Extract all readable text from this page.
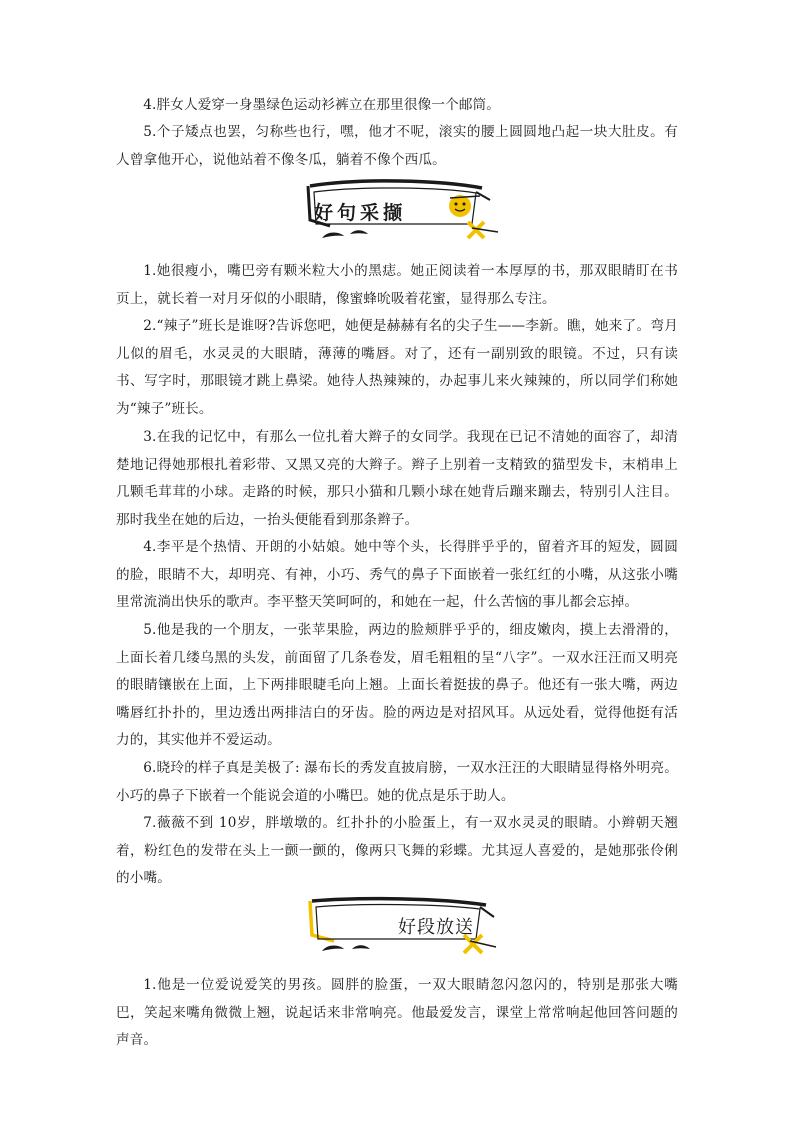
4.胖女人爱穿一身墨绿色运动衫裤立在那里很像一个邮筒。

5.个子矮点也罢，匀称些也行，嘿，他才不呢，滚实的腰上圆圆地凸起一块大肚皮。有人曾拿他开心，说他站着不像冬瓜，躺着不像个西瓜。

好句采撷

1.她很瘦小，嘴巴旁有颗米粒大小的黑痣。她正阅读着一本厚厚的书，那双眼睛盯在书页上，就长着一对月牙似的小眼睛，像蜜蜂吮吸着花蜜，显得那么专注。

2.“辣子”班长是谁呀?告诉您吧，她便是赫赫有名的尖子生——李新。瞧，她来了。弯月儿似的眉毛，水灵灵的大眼睛，薄薄的嘴唇。对了，还有一副别致的眼镜。不过，只有读书、写字时，那眼镜才跳上鼻梁。她待人热辣辣的，办起事儿来火辣辣的，所以同学们称她为“辣子”班长。

3.在我的记忆中，有那么一位扎着大辫子的女同学。我现在已记不清她的面容了，却清楚地记得她那根扎着彩带、又黑又亮的大辫子。辫子上别着一支精致的猫型发卡，末梢串上几颗毛茸茸的小球。走路的时候，那只小猫和几颗小球在她背后蹦来蹦去，特别引人注目。那时我坐在她的后边，一抬头便能看到那条辫子。

4.李平是个热情、开朗的小姑娘。她中等个头，长得胖乎乎的，留着齐耳的短发，圆圆的脸，眼睛不大，却明亮、有神，小巧、秀气的鼻子下面嵌着一张红红的小嘴，从这张小嘴里常流淌出快乐的歌声。李平整天笑呵呵的，和她在一起，什么苦恼的事儿都会忘掉。

5.他是我的一个朋友，一张苹果脸，两边的脸颊胖乎乎的，细皮嫩肉，摸上去滑滑的，上面长着几缕乌黑的头发，前面留了几条卷发，眉毛粗粗的呈“八字”。一双水汪汪而又明亮的眼睛镶嵌在上面，上下两排眼睫毛向上翘。上面长着挺拔的鼻子。他还有一张大嘴，两边嘴唇红扑扑的，里边透出两排洁白的牙齿。脸的两边是对招风耳。从远处看，觉得他挺有活力的，其实他并不爱运动。

6.晓玲的样子真是美极了: 瀑布长的秀发直披肩膀，一双水汪汪的大眼睛显得格外明亮。小巧的鼻子下嵌着一个能说会道的小嘴巴。她的优点是乐于助人。

7.薇薇不到 10岁，胖墩墩的。红扑扑的小脸蛋上，有一双水灵灵的眼睛。小辫朝天翘着，粉红色的发带在头上一颤一颤的，像两只飞舞的彩蝶。尤其逗人喜爱的，是她那张伶俐的小嘴。

好段放送

1.他是一位爱说爱笑的男孩。圆胖的脸蛋，一双大眼睛忽闪忽闪的，特别是那张大嘴巴，笑起来嘴角微微上翘，说起话来非常响亮。他最爱发言，课堂上常常响起他回答问题的声音。
